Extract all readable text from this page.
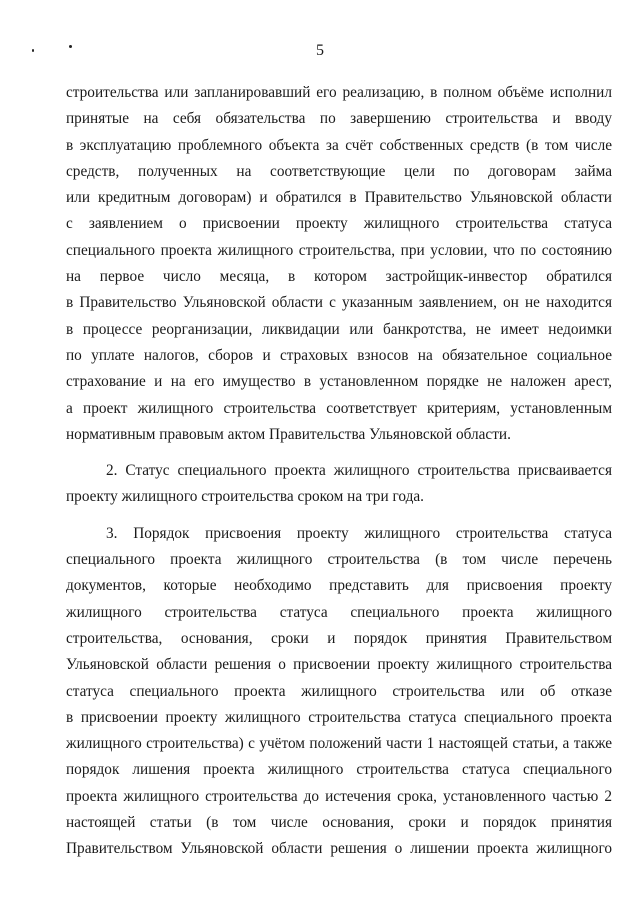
5
строительства или запланировавший его реализацию, в полном объёме исполнил
принятые на себя обязательства по завершению строительства и вводу
в эксплуатацию проблемного объекта за счёт собственных средств (в том числе
средств, полученных на соответствующие цели по договорам займа
или кредитным договорам) и обратился в Правительство Ульяновской области
с заявлением о присвоении проекту жилищного строительства статуса
специального проекта жилищного строительства, при условии, что по состоянию
на первое число месяца, в котором застройщик-инвестор обратился
в Правительство Ульяновской области с указанным заявлением, он не находится
в процессе реорганизации, ликвидации или банкротства, не имеет недоимки
по уплате налогов, сборов и страховых взносов на обязательное социальное
страхование и на его имущество в установленном порядке не наложен арест,
а проект жилищного строительства соответствует критериям, установленным
нормативным правовым актом Правительства Ульяновской области.
2. Статус специального проекта жилищного строительства присваивается
проекту жилищного строительства сроком на три года.
3. Порядок присвоения проекту жилищного строительства статуса
специального проекта жилищного строительства (в том числе перечень
документов, которые необходимо представить для присвоения проекту
жилищного строительства статуса специального проекта жилищного
строительства, основания, сроки и порядок принятия Правительством
Ульяновской области решения о присвоении проекту жилищного строительства
статуса специального проекта жилищного строительства или об отказе
в присвоении проекту жилищного строительства статуса специального проекта
жилищного строительства) с учётом положений части 1 настоящей статьи, а также
порядок лишения проекта жилищного строительства статуса специального
проекта жилищного строительства до истечения срока, установленного частью 2
настоящей статьи (в том числе основания, сроки и порядок принятия
Правительством Ульяновской области решения о лишении проекта жилищного
